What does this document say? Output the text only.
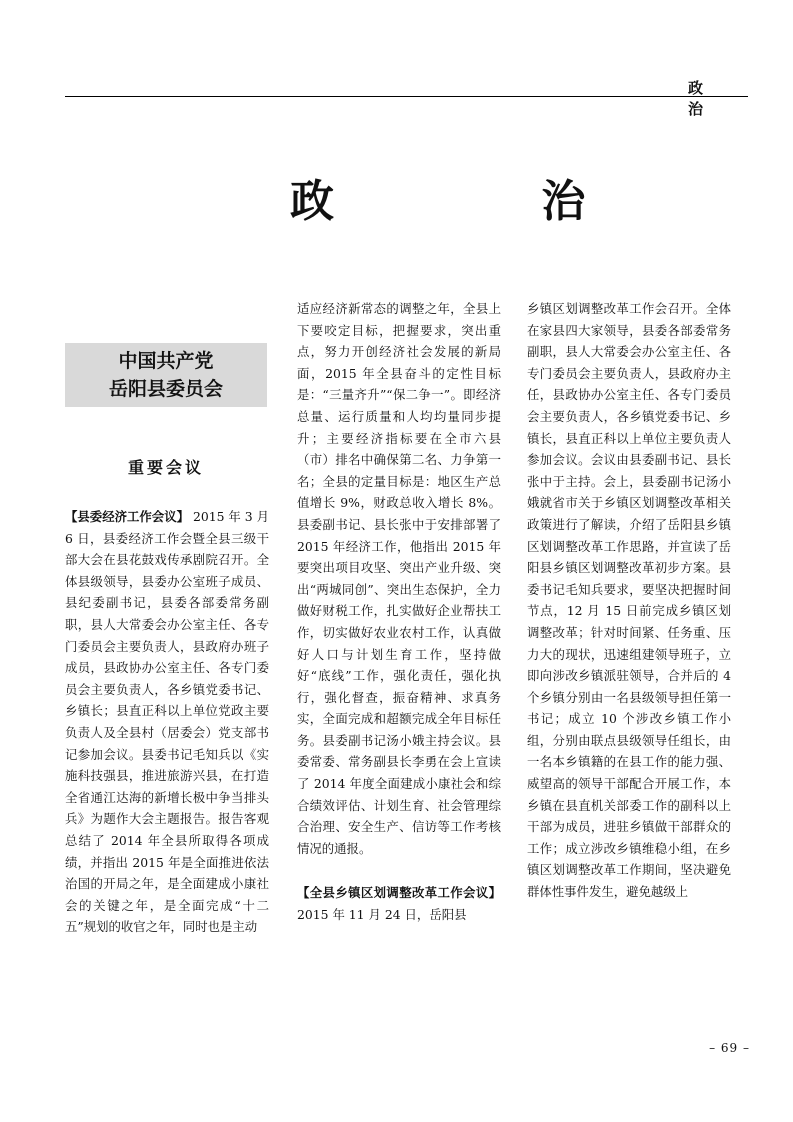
政 治
政 治
中国共产党
岳阳县委员会
重要会议

【县委经济工作会议】 2015 年 3 月 6 日，县委经济工作会暨全县三级干部大会在县花鼓戏传承剧院召开。全体县级领导，县委办公室班子成员、县纪委副书记，县委各部委常务副职，县人大常委会办公室主任、各专门委员会主要负责人，县政府办班子成员，县政协办公室主任、各专门委员会主要负责人，各乡镇党委书记、乡镇长；县直正科以上单位党政主要负责人及全县村（居委会）党支部书记参加会议。县委书记毛知兵以《实施科技强县，推进旅游兴县，在打造全省通江达海的新增长极中争当排头兵》为题作大会主题报告。报告客观总结了 2014 年全县所取得各项成绩，并指出 2015 年是全面推进依法治国的开局之年，是全面建成小康社会的关键之年，是全面完成“十二五”规划的收官之年，同时也是主动

适应经济新常态的调整之年，全县上下要咬定目标，把握要求，突出重点，努力开创经济社会发展的新局面，2015 年全县奋斗的定性目标是：“三量齐升”“保二争一”。即经济总量、运行质量和人均均量同步提升；主要经济指标要在全市六县（市）排名中确保第二名、力争第一名；全县的定量目标是：地区生产总值增长 9%，财政总收入增长 8%。县委副书记、县长张中于安排部署了 2015 年经济工作，他指出 2015 年要突出项目攻坚、突出产业升级、突出“两城同创”、突出生态保护，全力做好财税工作，扎实做好企业帮扶工作，切实做好农业农村工作，认真做好人口与计划生育工作，坚持做好“底线”工作，强化责任，强化执行，强化督查，振奋精神、求真务实，全面完成和超额完成全年目标任务。县委副书记汤小娥主持会议。县委常委、常务副县长李勇在会上宣读了 2014 年度全面建成小康社会和综合绩效评估、计划生育、社会管理综合治理、安全生产、信访等工作考核情况的通报。

【全县乡镇区划调整改革工作会议】 2015 年 11 月 24 日，岳阳县

乡镇区划调整改革工作会召开。全体在家县四大家领导，县委各部委常务副职，县人大常委会办公室主任、各专门委员会主要负责人，县政府办主任，县政协办公室主任、各专门委员会主要负责人，各乡镇党委书记、乡镇长，县直正科以上单位主要负责人参加会议。会议由县委副书记、县长张中于主持。会上，县委副书记汤小娥就省市关于乡镇区划调整改革相关政策进行了解读，介绍了岳阳县乡镇区划调整改革工作思路，并宣读了岳阳县乡镇区划调整改革初步方案。县委书记毛知兵要求，要坚决把握时间节点，12 月 15 日前完成乡镇区划调整改革；针对时间紧、任务重、压力大的现状，迅速组建领导班子，立即向涉改乡镇派驻领导，合并后的 4 个乡镇分别由一名县级领导担任第一书记；成立 10 个涉改乡镇工作小组，分别由联点县级领导任组长，由一名本乡镇籍的在县工作的能力强、威望高的领导干部配合开展工作，本乡镇在县直机关部委工作的副科以上干部为成员，进驻乡镇做干部群众的工作；成立涉改乡镇维稳小组，在乡镇区划调整改革工作期间，坚决避免群体性事件发生，避免越级上

– 69 –
